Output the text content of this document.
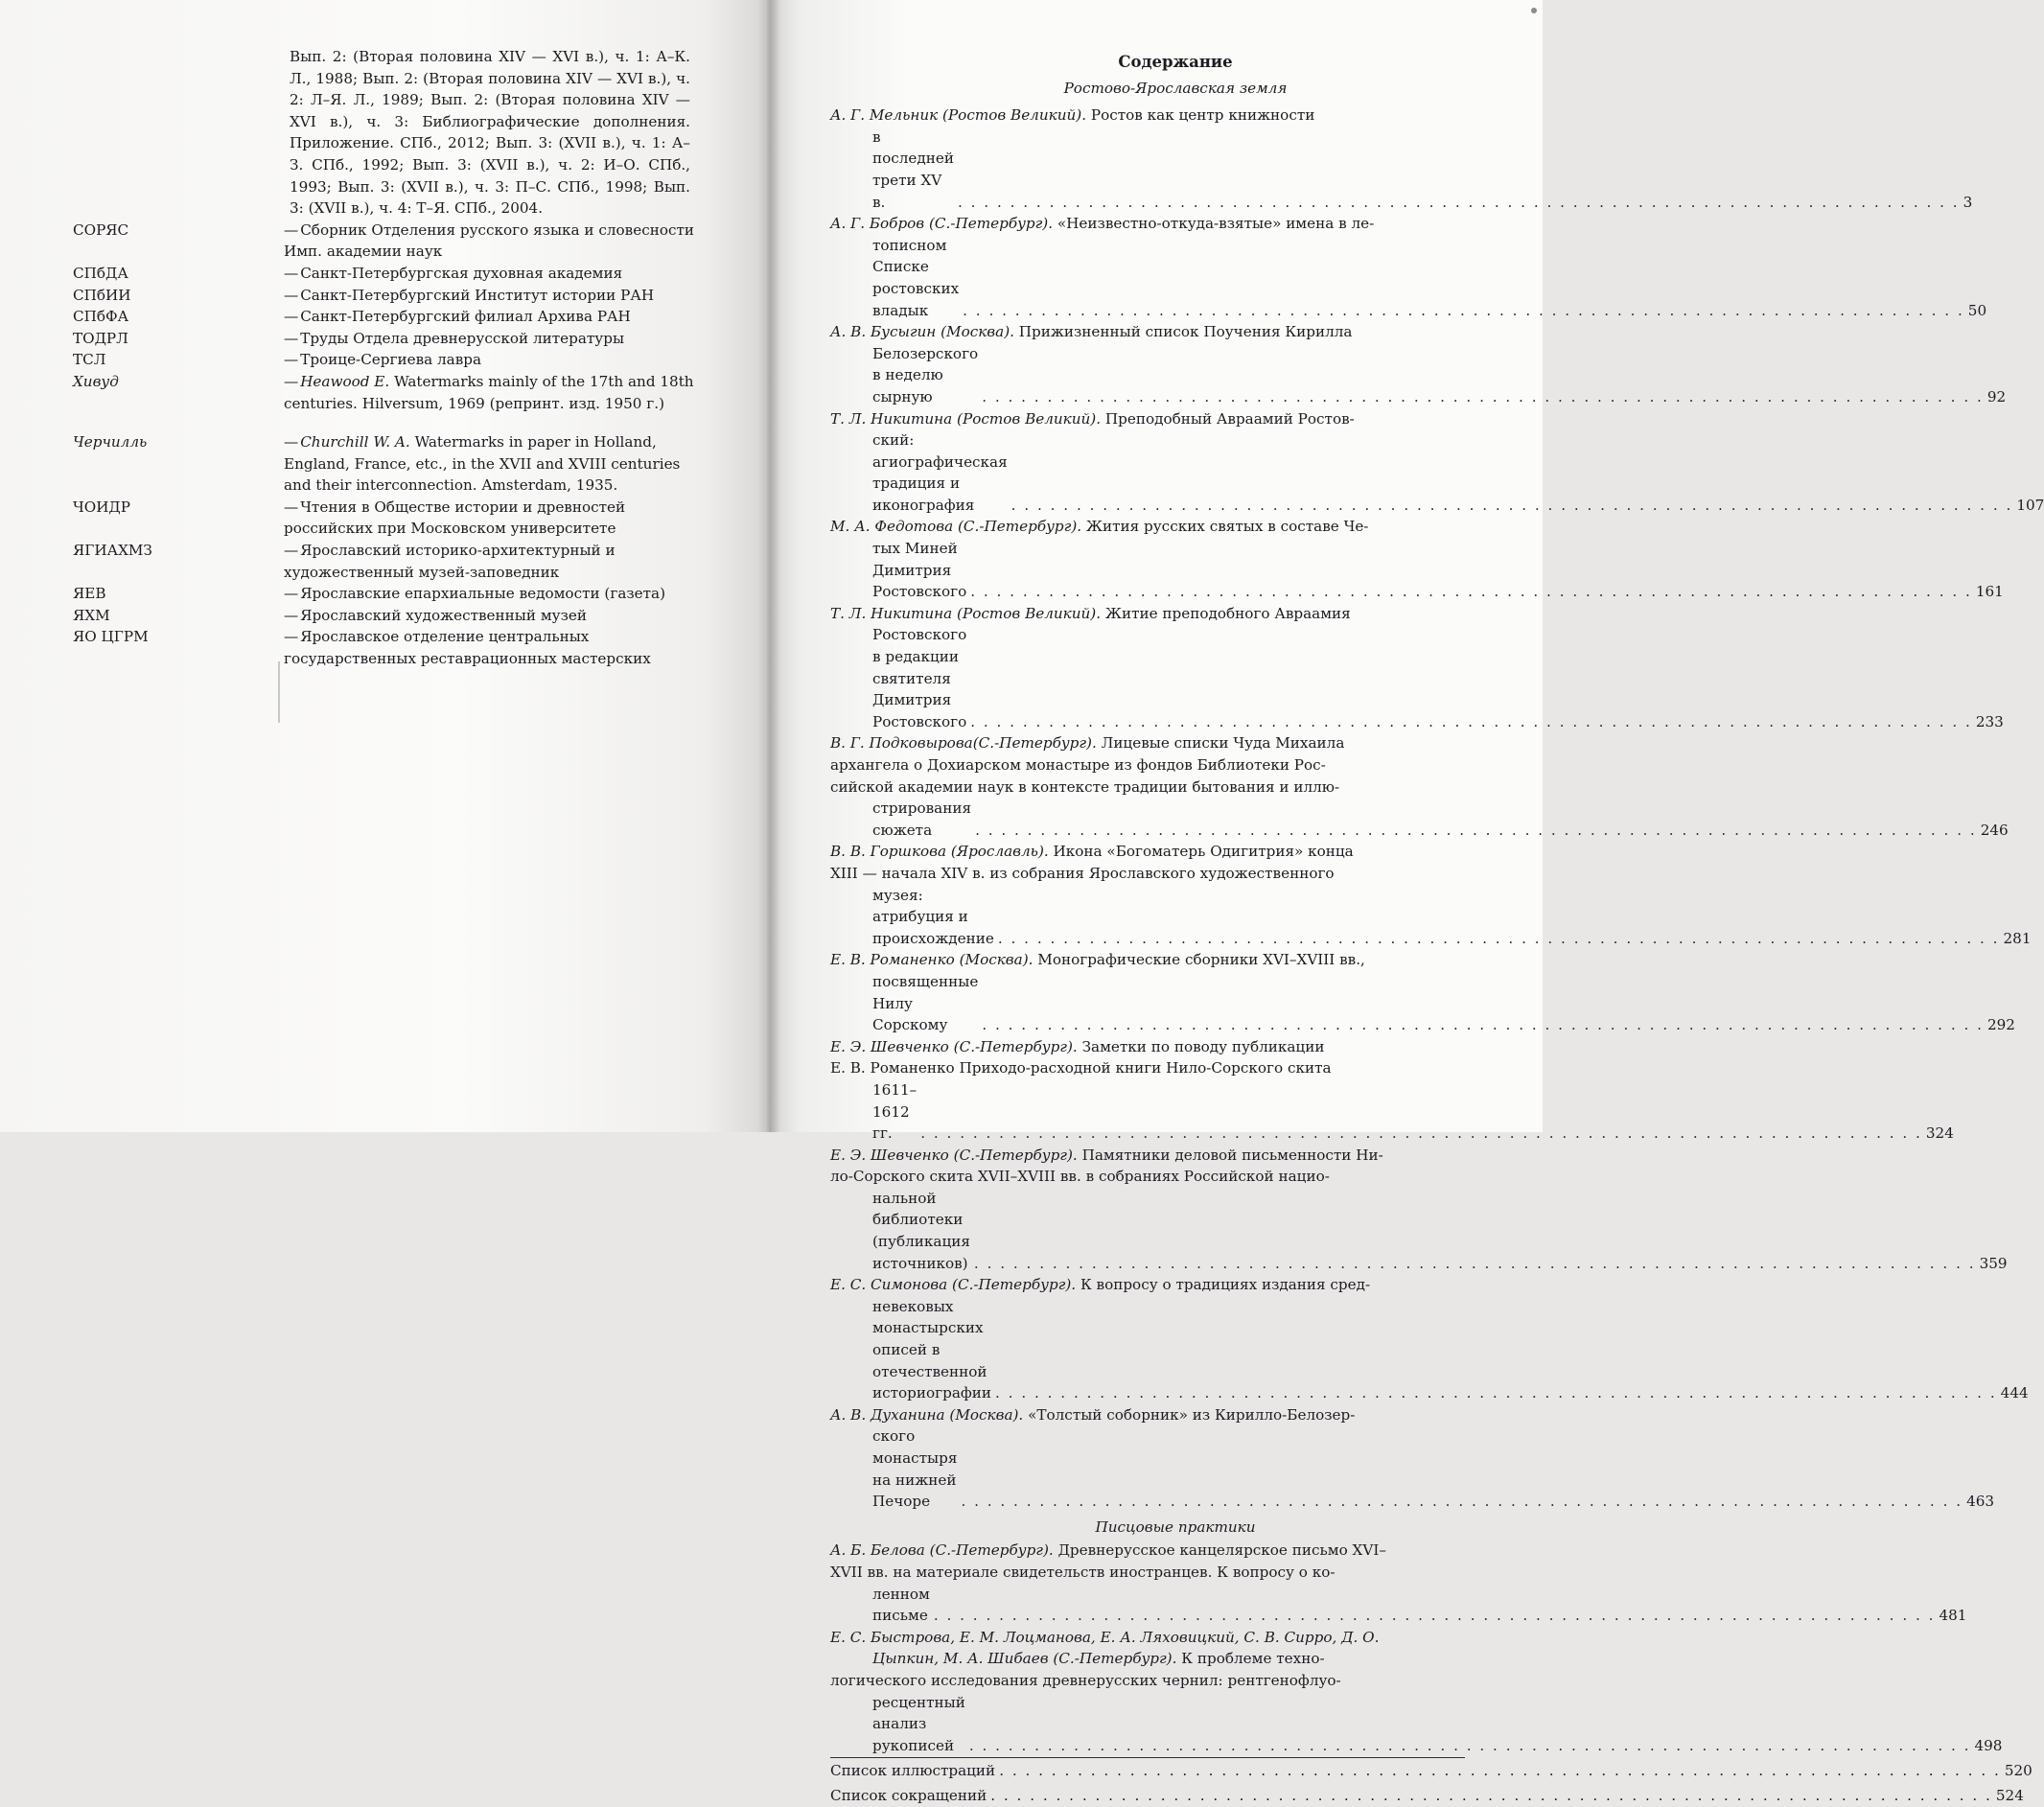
Вып. 2: (Вторая половина XIV — XVI в.), ч. 1: А–К. Л., 1988; Вып. 2: (Вторая половина XIV — XVI в.), ч. 2: Л–Я. Л., 1989; Вып. 2: (Вторая половина XIV — XVI в.), ч. 3: Библиографические дополнения. Приложение. СПб., 2012; Вып. 3: (XVII в.), ч. 1: А–З. СПб., 1992; Вып. 3: (XVII в.), ч. 2: И–О. СПб., 1993; Вып. 3: (XVII в.), ч. 3: П–С. СПб., 1998; Вып. 3: (XVII в.), ч. 4: Т–Я. СПб., 2004.
СОРЯС	— Сборник Отделения русского языка и словесности Имп. академии наук
СПбДА	— Санкт-Петербургская духовная академия
СПбИИ	— Санкт-Петербургский Институт истории РАН
СПбФА	— Санкт-Петербургский филиал Архива РАН
ТОДРЛ	— Труды Отдела древнерусской литературы
ТСЛ	— Троице-Сергиева лавра
Хивуд	— Heawood E. Watermarks mainly of the 17th and 18th centuries. Hilversum, 1969 (репринт. изд. 1950 г.)
Черчилль	— Churchill W. A. Watermarks in paper in Holland, England, France, etc., in the XVII and XVIII centuries and their interconnection. Amsterdam, 1935.
ЧОИДР	— Чтения в Обществе истории и древностей российских при Московском университете
ЯГИАХМЗ	— Ярославский историко-архитектурный и художественный музей-заповедник
ЯЕВ	— Ярославские епархиальные ведомости (газета)
ЯХМ	— Ярославский художественный музей
ЯО ЦГРМ	— Ярославское отделение центральных государственных реставрационных мастерских
Содержание
Ростово-Ярославская земля
А. Г. Мельник (Ростов Великий). Ростов как центр книжности
в последней трети XV в.	. . . . . . . . . . . . . . . . . . . . . . . . . . . . . . . . . . . . . . . . . . . . . . . . . . . . . . . . . . . . . . . . . . . . . . . . . . . . . 3
А. Г. Бобров (С.-Петербург). «Неизвестно-откуда-взятые» имена в ле-
тописном Списке ростовских владык	. . . . . . . . . . . . . . . . . . . . . . . . . . . . . . . . . . . . . . . . . . . . . . . . . . . . . . . . . . . . . . . . . . . . . . . . . . . . . 50
А. В. Бусыгин (Москва). Прижизненный список Поучения Кирилла
Белозерского в неделю сырную	. . . . . . . . . . . . . . . . . . . . . . . . . . . . . . . . . . . . . . . . . . . . . . . . . . . . . . . . . . . . . . . . . . . . . . . . . . . . . 92
Т. Л. Никитина (Ростов Великий). Преподобный Авраамий Ростов-
ский: агиографическая традиция и иконография	. . . . . . . . . . . . . . . . . . . . . . . . . . . . . . . . . . . . . . . . . . . . . . . . . . . . . . . . . . . . . . . . . . . . . . . . . . . . . 107
М. А. Федотова (С.-Петербург). Жития русских святых в составе Че-
тых Миней Димитрия Ростовского . . . . . . . . . . . . . . . . . . . . . . . . . . . . . . . . . . . . . . . . . . . . . . . . . . . . . . . . . . . . . . . . . . . . . . . . . . . . . 161
Т. Л. Никитина (Ростов Великий). Житие преподобного Авраамия
Ростовского в редакции святителя Димитрия Ростовского . . . . . . . . . . . . . . . . . . . . . . . . . . . . . . . . . . . . . . . . . . . . . . . . . . . . . . . . . . . . . . . . . . . . . . . . . . . . . 233
В. Г. Подковырова(С.-Петербург). Лицевые списки Чуда Михаила
архангела о Дохиарском монастыре из фондов Библиотеки Рос-
сийской академии наук в контексте традиции бытования и иллю-
стрирования сюжета	. . . . . . . . . . . . . . . . . . . . . . . . . . . . . . . . . . . . . . . . . . . . . . . . . . . . . . . . . . . . . . . . . . . . . . . . . . . . . 246
В. В. Горшкова (Ярославль). Икона «Богоматерь Одигитрия» конца
XIII — начала XIV в. из собрания Ярославского художественного
музея: атрибуция и происхождение . . . . . . . . . . . . . . . . . . . . . . . . . . . . . . . . . . . . . . . . . . . . . . . . . . . . . . . . . . . . . . . . . . . . . . . . . . . . . 281
Е. В. Романенко (Москва). Монографические сборники XVI–XVIII вв.,
посвященные Нилу Сорскому	. . . . . . . . . . . . . . . . . . . . . . . . . . . . . . . . . . . . . . . . . . . . . . . . . . . . . . . . . . . . . . . . . . . . . . . . . . . . . 292
Е. Э. Шевченко (С.-Петербург). Заметки по поводу публикации
Е. В. Романенко Приходо-расходной книги Нило-Сорского скита
1611–1612 гг.	. . . . . . . . . . . . . . . . . . . . . . . . . . . . . . . . . . . . . . . . . . . . . . . . . . . . . . . . . . . . . . . . . . . . . . . . . . . . . 324
Е. Э. Шевченко (С.-Петербург). Памятники деловой письменности Ни-
ло-Сорского скита XVII–XVIII вв. в собраниях Российской нацио-
нальной библиотеки (публикация источников) . . . . . . . . . . . . . . . . . . . . . . . . . . . . . . . . . . . . . . . . . . . . . . . . . . . . . . . . . . . . . . . . . . . . . . . . . . . . . 359
Е. С. Симонова (С.-Петербург). К вопросу о традициях издания сред-
невековых монастырских описей в отечественной историографии . . . . . . . . . . . . . . . . . . . . . . . . . . . . . . . . . . . . . . . . . . . . . . . . . . . . . . . . . . . . . . . . . . . . . . . . . . . . . 444
А. В. Духанина (Москва). «Толстый соборник» из Кирилло-Белозер-
ского монастыря на нижней Печоре	. . . . . . . . . . . . . . . . . . . . . . . . . . . . . . . . . . . . . . . . . . . . . . . . . . . . . . . . . . . . . . . . . . . . . . . . . . . . . 463
Писцовые практики
А. Б. Белова (С.-Петербург). Древнерусское канцелярское письмо XVI–
XVII вв. на материале свидетельств иностранцев. К вопросу о ко-
ленном письме . . . . . . . . . . . . . . . . . . . . . . . . . . . . . . . . . . . . . . . . . . . . . . . . . . . . . . . . . . . . . . . . . . . . . . . . . . . . . 481
Е. С. Быстрова, Е. М. Лоцманова, Е. А. Ляховицкий, С. В. Сирро, Д. О. Цыпкин, М. А. Шибаев (С.-Петербург). К проблеме техно-
логического исследования древнерусских чернил: рентгенофлуо-
ресцентный анализ рукописей	. . . . . . . . . . . . . . . . . . . . . . . . . . . . . . . . . . . . . . . . . . . . . . . . . . . . . . . . . . . . . . . . . . . . . . . . . . . . . 498
Список иллюстраций . . . . . . . . . . . . . . . . . . . . . . . . . . . . . . . . . . . . . . . . . . . . . . . . . . . . . . . . . . . . . . . . . . . . . . . . . . . . . 520
Список сокращений . . . . . . . . . . . . . . . . . . . . . . . . . . . . . . . . . . . . . . . . . . . . . . . . . . . . . . . . . . . . . . . . . . . . . . . . . . . . . 524
